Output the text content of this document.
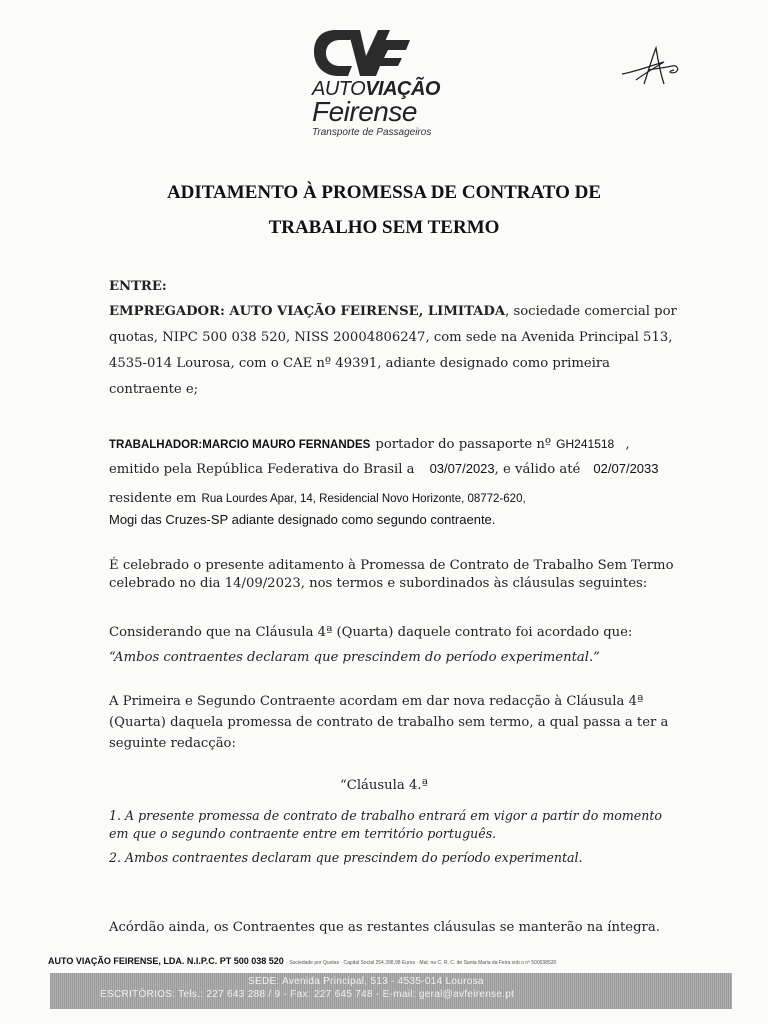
AUTOVIAÇÃO
Feirense
Transporte de Passageiros
ADITAMENTO À PROMESSA DE CONTRATO DE
TRABALHO SEM TERMO
ENTRE:
EMPREGADOR: AUTO VIAÇÃO FEIRENSE, LIMITADA, sociedade comercial por
quotas, NIPC 500 038 520, NISS 20004806247, com sede na Avenida Principal 513,
4535-014 Lourosa, com o CAE nº 49391, adiante designado como primeira
contraente e;
TRABALHADOR:MARCIO MAURO FERNANDES portador do passaporte nº GH241518 ,
emitido pela República Federativa do Brasil a 03/07/2023, e válido até 02/07/2033
residente em Rua Lourdes Apar, 14, Residencial Novo Horizonte, 08772-620,
Mogi das Cruzes-SP adiante designado como segundo contraente.
É celebrado o presente aditamento à Promessa de Contrato de Trabalho Sem Termo
celebrado no dia 14/09/2023, nos termos e subordinados às cláusulas seguintes:
Considerando que na Cláusula 4ª (Quarta) daquele contrato foi acordado que:
“Ambos contraentes declaram que prescindem do período experimental.”
A Primeira e Segundo Contraente acordam em dar nova redacção à Cláusula 4ª
(Quarta) daquela promessa de contrato de trabalho sem termo, a qual passa a ter a
seguinte redacção:
“Cláusula 4.ª
1. A presente promessa de contrato de trabalho entrará em vigor a partir do momento
em que o segundo contraente entre em território português.
2. Ambos contraentes declaram que prescindem do período experimental.
Acórdão ainda, os Contraentes que as restantes cláusulas se manterão na íntegra.
AUTO VIAÇÃO FEIRENSE, LDA. N.I.P.C. PT 500 038 520 · Sociedade por Quotas · Capital Social 254.398,98 Euros · Mat. na C. R. C. de Santa Maria da Feira sob o nº 500038520
SEDE: Avenida Principal, 513 - 4535-014 Lourosa
ESCRITÓRIOS: Tels.: 227 643 288 / 9 - Fax: 227 645 748 - E-mail: geral@avfeirense.pt
